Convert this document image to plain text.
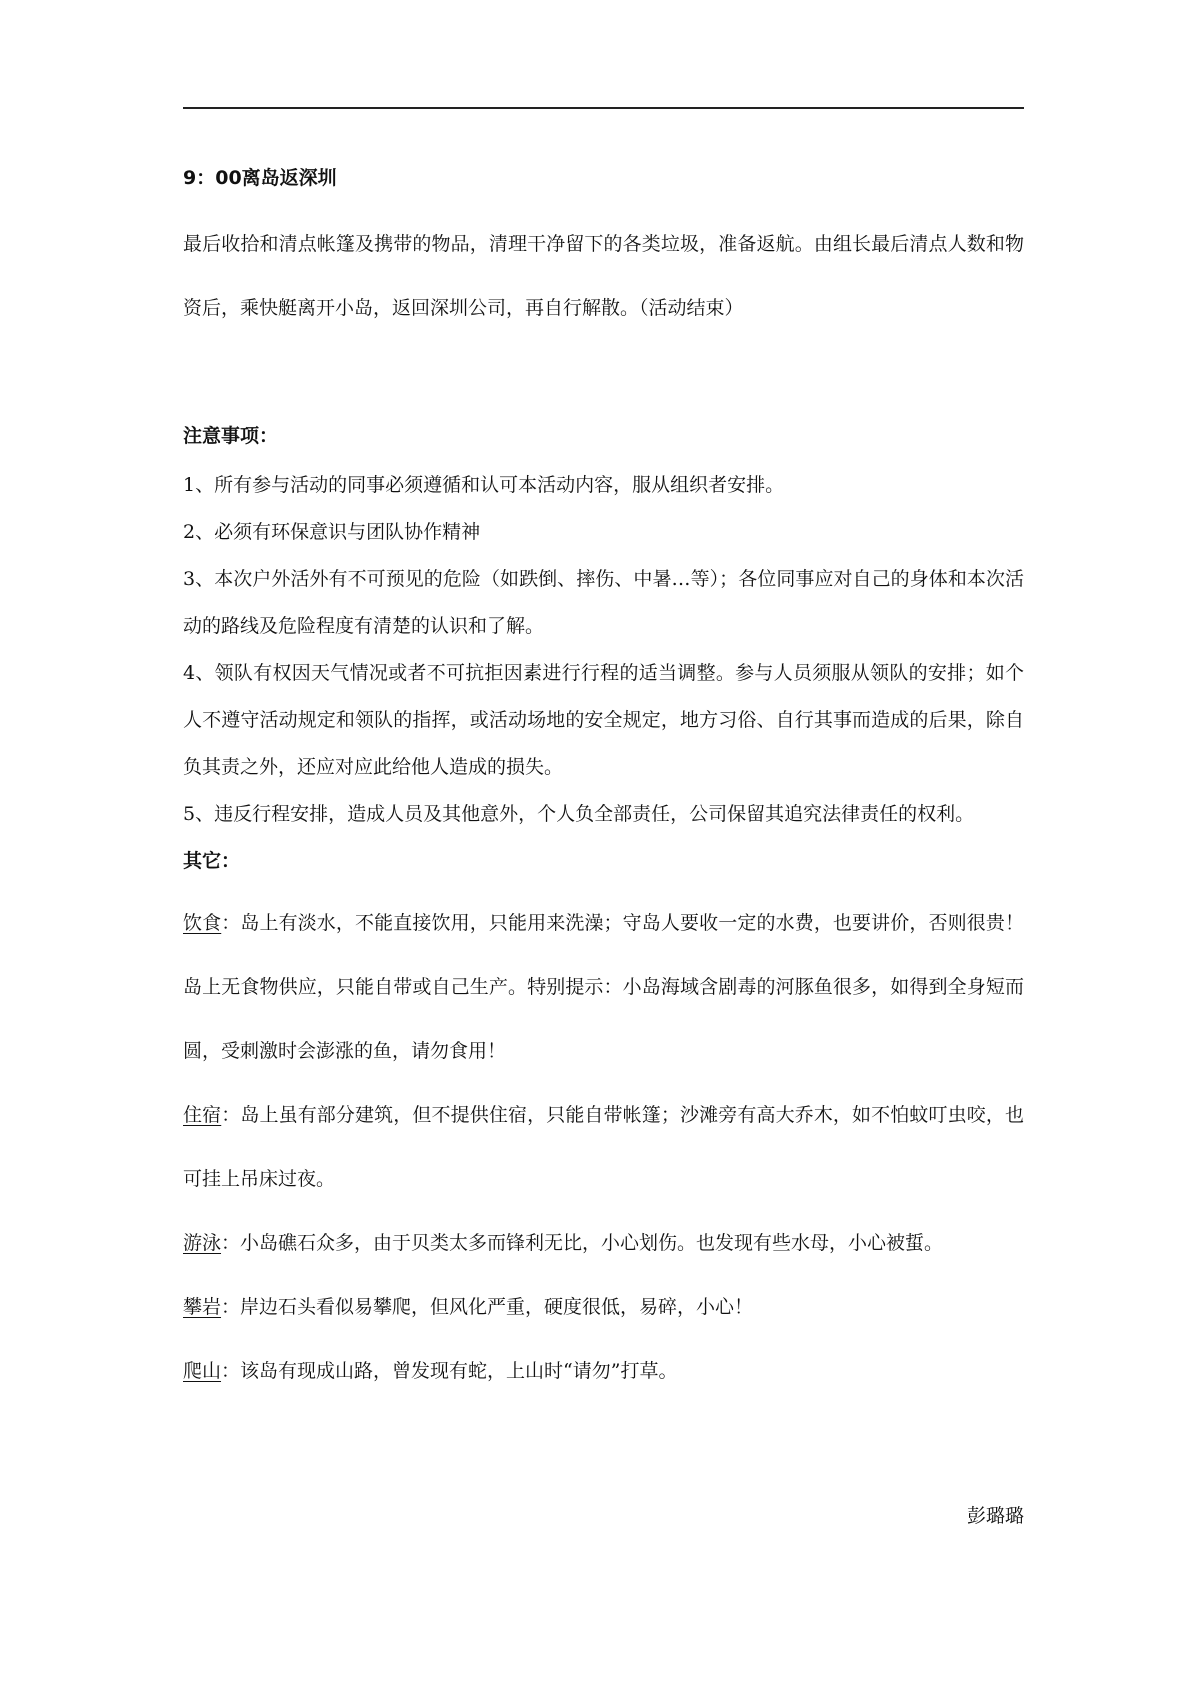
9：00离岛返深圳

最后收拾和清点帐篷及携带的物品，清理干净留下的各类垃圾，准备返航。由组长最后清点人数和物资后，乘快艇离开小岛，返回深圳公司，再自行解散。（活动结束）

注意事项：

1、所有参与活动的同事必须遵循和认可本活动内容，服从组织者安排。

2、必须有环保意识与团队协作精神

3、本次户外活外有不可预见的危险（如跌倒、摔伤、中暑…等）；各位同事应对自己的身体和本次活动的路线及危险程度有清楚的认识和了解。

4、领队有权因天气情况或者不可抗拒因素进行行程的适当调整。参与人员须服从领队的安排；如个人不遵守活动规定和领队的指挥，或活动场地的安全规定，地方习俗、自行其事而造成的后果，除自负其责之外，还应对应此给他人造成的损失。

5、违反行程安排，造成人员及其他意外，个人负全部责任，公司保留其追究法律责任的权利。

其它：

饮食：岛上有淡水，不能直接饮用，只能用来洗澡；守岛人要收一定的水费，也要讲价，否则很贵！岛上无食物供应，只能自带或自己生产。特别提示：小岛海域含剧毒的河豚鱼很多，如得到全身短而圆，受刺激时会澎涨的鱼，请勿食用！

住宿：岛上虽有部分建筑，但不提供住宿，只能自带帐篷；沙滩旁有高大乔木，如不怕蚊叮虫咬，也可挂上吊床过夜。

游泳：小岛礁石众多，由于贝类太多而锋利无比，小心划伤。也发现有些水母，小心被蜇。

攀岩：岸边石头看似易攀爬，但风化严重，硬度很低，易碎，小心！

爬山：该岛有现成山路，曾发现有蛇，上山时“请勿”打草。

彭璐璐
